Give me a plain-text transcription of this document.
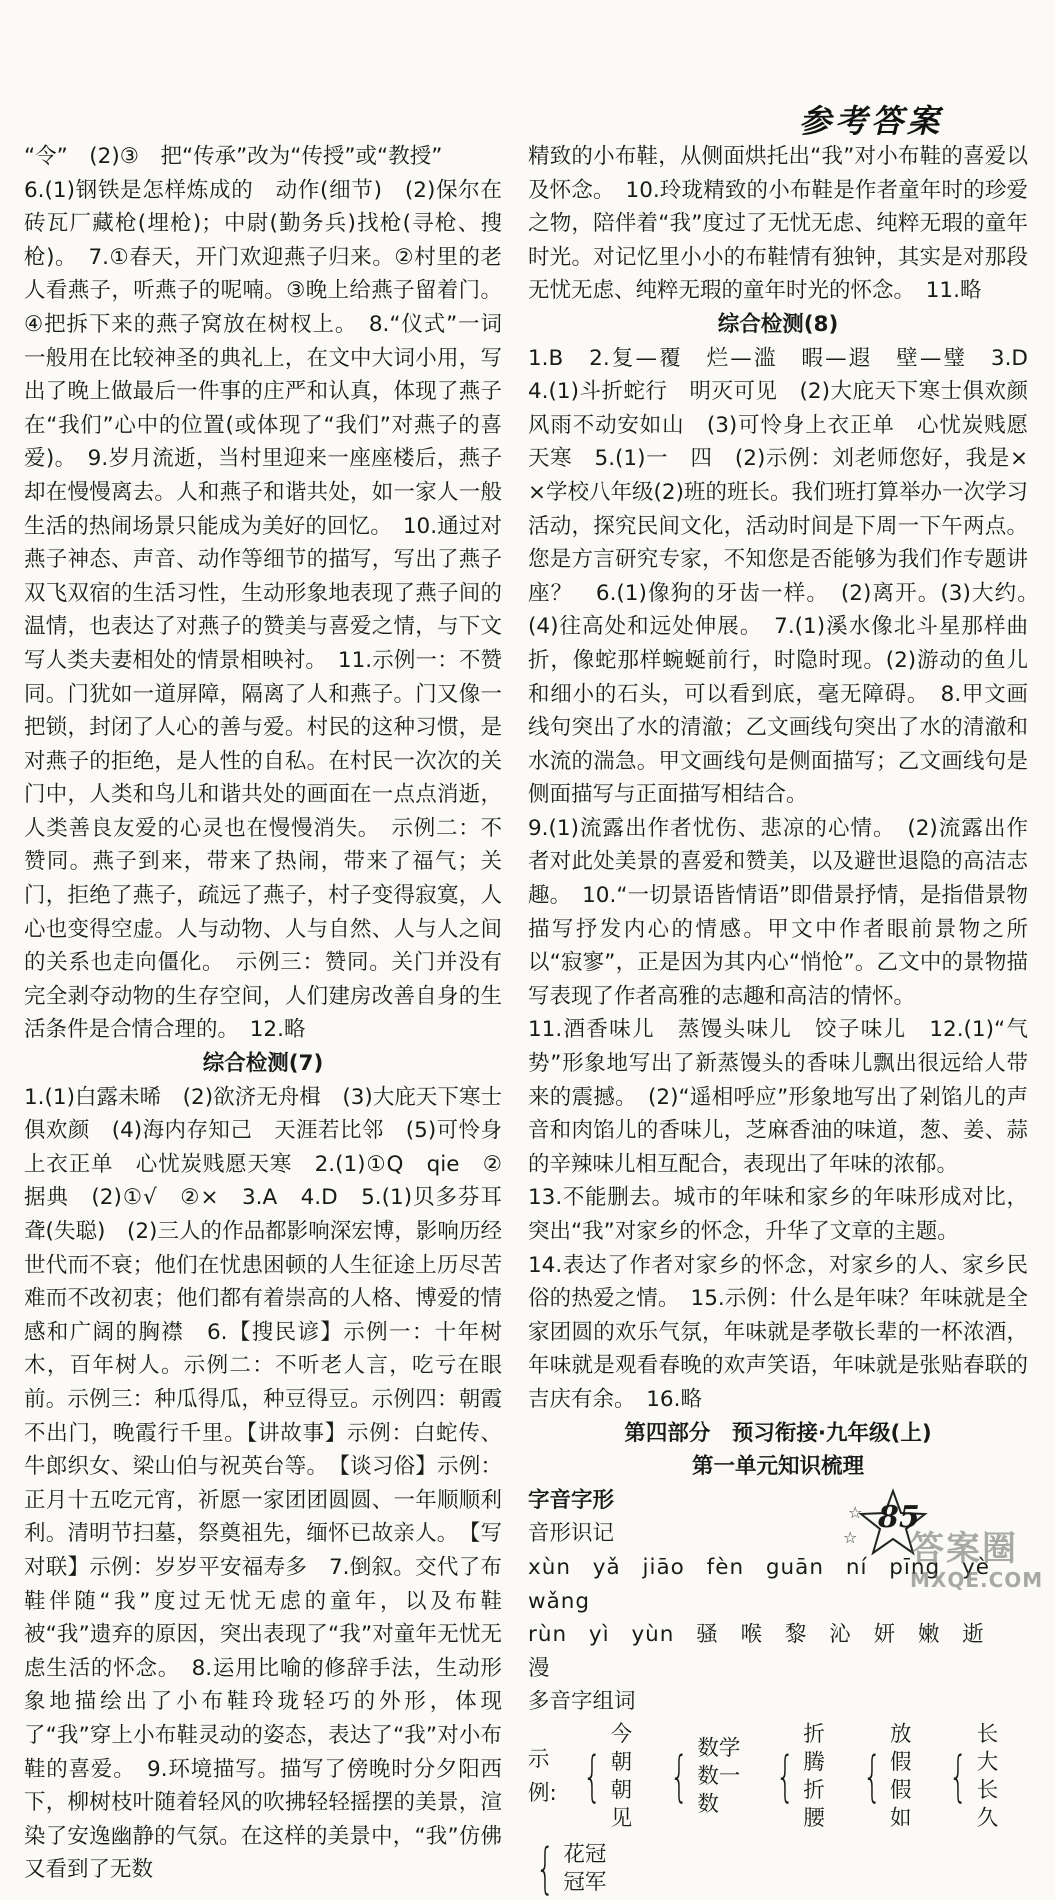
参考答案

“令”　(2)③　把“传承”改为“传授”或“教授”

6.(1)钢铁是怎样炼成的　动作(细节)　(2)保尔在砖瓦厂藏枪(埋枪)；中尉(勤务兵)找枪(寻枪、搜枪)。　7.①春天，开门欢迎燕子归来。②村里的老人看燕子，听燕子的呢喃。③晚上给燕子留着门。④把拆下来的燕子窝放在树杈上。　8.“仪式”一词一般用在比较神圣的典礼上，在文中大词小用，写出了晚上做最后一件事的庄严和认真，体现了燕子在“我们”心中的位置(或体现了“我们”对燕子的喜爱)。　9.岁月流逝，当村里迎来一座座楼后，燕子却在慢慢离去。人和燕子和谐共处，如一家人一般生活的热闹场景只能成为美好的回忆。　10.通过对燕子神态、声音、动作等细节的描写，写出了燕子双飞双宿的生活习性，生动形象地表现了燕子间的温情，也表达了对燕子的赞美与喜爱之情，与下文写人类夫妻相处的情景相映衬。　11.示例一：不赞同。门犹如一道屏障，隔离了人和燕子。门又像一把锁，封闭了人心的善与爱。村民的这种习惯，是对燕子的拒绝，是人性的自私。在村民一次次的关门中，人类和鸟儿和谐共处的画面在一点点消逝，人类善良友爱的心灵也在慢慢消失。　示例二：不赞同。燕子到来，带来了热闹，带来了福气；关门，拒绝了燕子，疏远了燕子，村子变得寂寞，人心也变得空虚。人与动物、人与自然、人与人之间的关系也走向僵化。　示例三：赞同。关门并没有完全剥夺动物的生存空间，人们建房改善自身的生活条件是合情合理的。　12.略

综合检测(7)

1.(1)白露未晞　(2)欲济无舟楫　(3)大庇天下寒士俱欢颜　(4)海内存知己　天涯若比邻　(5)可怜身上衣正单　心忧炭贱愿天寒　2.(1)①Q　qie　②据典　(2)①√　②×　3.A　4.D　5.(1)贝多芬耳聋(失聪)　(2)三人的作品都影响深宏博，影响历经世代而不衰；他们在忧患困顿的人生征途上历尽苦难而不改初衷；他们都有着崇高的人格、博爱的情感和广阔的胸襟　6.【搜民谚】示例一：十年树木，百年树人。示例二：不听老人言，吃亏在眼前。示例三：种瓜得瓜，种豆得豆。示例四：朝霞不出门，晚霞行千里。【讲故事】示例：白蛇传、牛郎织女、梁山伯与祝英台等。　【谈习俗】示例：正月十五吃元宵，祈愿一家团团圆圆、一年顺顺利利。清明节扫墓，祭奠祖先，缅怀已故亲人。　【写对联】示例：岁岁平安福寿多　7.倒叙。交代了布鞋伴随“我”度过无忧无虑的童年，以及布鞋被“我”遗弃的原因，突出表现了“我”对童年无忧无虑生活的怀念。　8.运用比喻的修辞手法，生动形象地描绘出了小布鞋玲珑轻巧的外形，体现了“我”穿上小布鞋灵动的姿态，表达了“我”对小布鞋的喜爱。　9.环境描写。描写了傍晚时分夕阳西下，柳树枝叶随着轻风的吹拂轻轻摇摆的美景，渲染了安逸幽静的气氛。在这样的美景中，“我”仿佛又看到了无数

精致的小布鞋，从侧面烘托出“我”对小布鞋的喜爱以及怀念。　10.玲珑精致的小布鞋是作者童年时的珍爱之物，陪伴着“我”度过了无忧无虑、纯粹无瑕的童年时光。对记忆里小小的布鞋情有独钟，其实是对那段无忧无虑、纯粹无瑕的童年时光的怀念。　11.略

综合检测(8)

1.B　2.复—覆　烂—滥　暇—遐　壁—璧　3.D　4.(1)斗折蛇行　明灭可见　(2)大庇天下寒士俱欢颜　风雨不动安如山　(3)可怜身上衣正单　心忧炭贱愿天寒　5.(1)一　四　(2)示例：刘老师您好，我是××学校八年级(2)班的班长。我们班打算举办一次学习活动，探究民间文化，活动时间是下周一下午两点。您是方言研究专家，不知您是否能够为我们作专题讲座？　6.(1)像狗的牙齿一样。　(2)离开。(3)大约。　(4)往高处和远处伸展。　7.(1)溪水像北斗星那样曲折，像蛇那样蜿蜒前行，时隐时现。(2)游动的鱼儿和细小的石头，可以看到底，毫无障碍。　8.甲文画线句突出了水的清澈；乙文画线句突出了水的清澈和水流的湍急。甲文画线句是侧面描写；乙文画线句是侧面描写与正面描写相结合。

9.(1)流露出作者忧伤、悲凉的心情。　(2)流露出作者对此处美景的喜爱和赞美，以及避世退隐的高洁志趣。　10.“一切景语皆情语”即借景抒情，是指借景物描写抒发内心的情感。甲文中作者眼前景物之所以“寂寥”，正是因为其内心“悄怆”。乙文中的景物描写表现了作者高雅的志趣和高洁的情怀。

11.酒香味儿　蒸馒头味儿　饺子味儿　12.(1)“气势”形象地写出了新蒸馒头的香味儿飘出很远给人带来的震撼。　(2)“遥相呼应”形象地写出了剁馅儿的声音和肉馅儿的香味儿，芝麻香油的味道，葱、姜、蒜的辛辣味儿相互配合，表现出了年味的浓郁。

13.不能删去。城市的年味和家乡的年味形成对比，突出“我”对家乡的怀念，升华了文章的主题。

14.表达了作者对家乡的怀念，对家乡的人、家乡民俗的热爱之情。　15.示例：什么是年味？年味就是全家团圆的欢乐气氛，年味就是孝敬长辈的一杯浓酒，年味就是观看春晚的欢声笑语，年味就是张贴春联的吉庆有余。　16.略

第四部分　预习衔接·九年级(上)

第一单元知识梳理

字音字形

音形识记

xùn yǎ jiāo fèn guān ní pīng yè wǎng

rùn yì yùn 骚 喉 黎 沁 妍 嫩 逝 漫

多音字组词

示例: {
今朝
朝见
{ 数学
数一数	{
折腾
折腰
{
放假
假如
{
长大
长久
{ 花冠
冠军
85
☆
☆ 答案圈
MXQE.COM
